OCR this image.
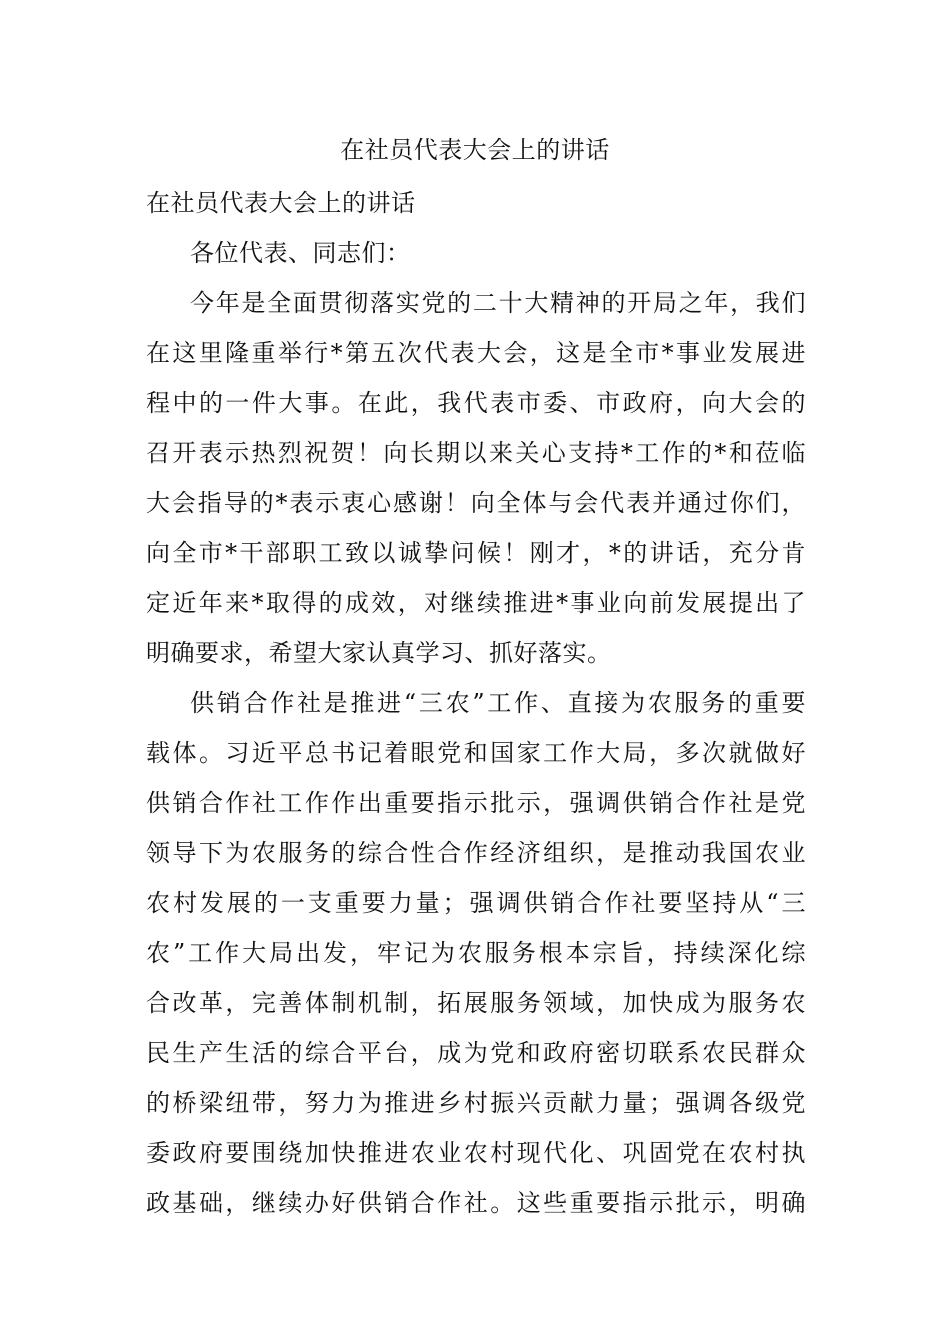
在社员代表大会上的讲话
在社员代表大会上的讲话
各位代表、同志们：
今年是全面贯彻落实党的二十大精神的开局之年，我们
在这里隆重举行*第五次代表大会，这是全市*事业发展进
程中的一件大事。在此，我代表市委、市政府，向大会的
召开表示热烈祝贺！向长期以来关心支持*工作的*和莅临
大会指导的*表示衷心感谢！向全体与会代表并通过你们，
向全市*干部职工致以诚挚问候！刚才，*的讲话，充分肯
定近年来*取得的成效，对继续推进*事业向前发展提出了
明确要求，希望大家认真学习、抓好落实。
供销合作社是推进“三农”工作、直接为农服务的重要
载体。习近平总书记着眼党和国家工作大局，多次就做好
供销合作社工作作出重要指示批示，强调供销合作社是党
领导下为农服务的综合性合作经济组织，是推动我国农业
农村发展的一支重要力量；强调供销合作社要坚持从“三
农”工作大局出发，牢记为农服务根本宗旨，持续深化综
合改革，完善体制机制，拓展服务领域，加快成为服务农
民生产生活的综合平台，成为党和政府密切联系农民群众
的桥梁纽带，努力为推进乡村振兴贡献力量；强调各级党
委政府要围绕加快推进农业农村现代化、巩固党在农村执
政基础，继续办好供销合作社。这些重要指示批示，明确
